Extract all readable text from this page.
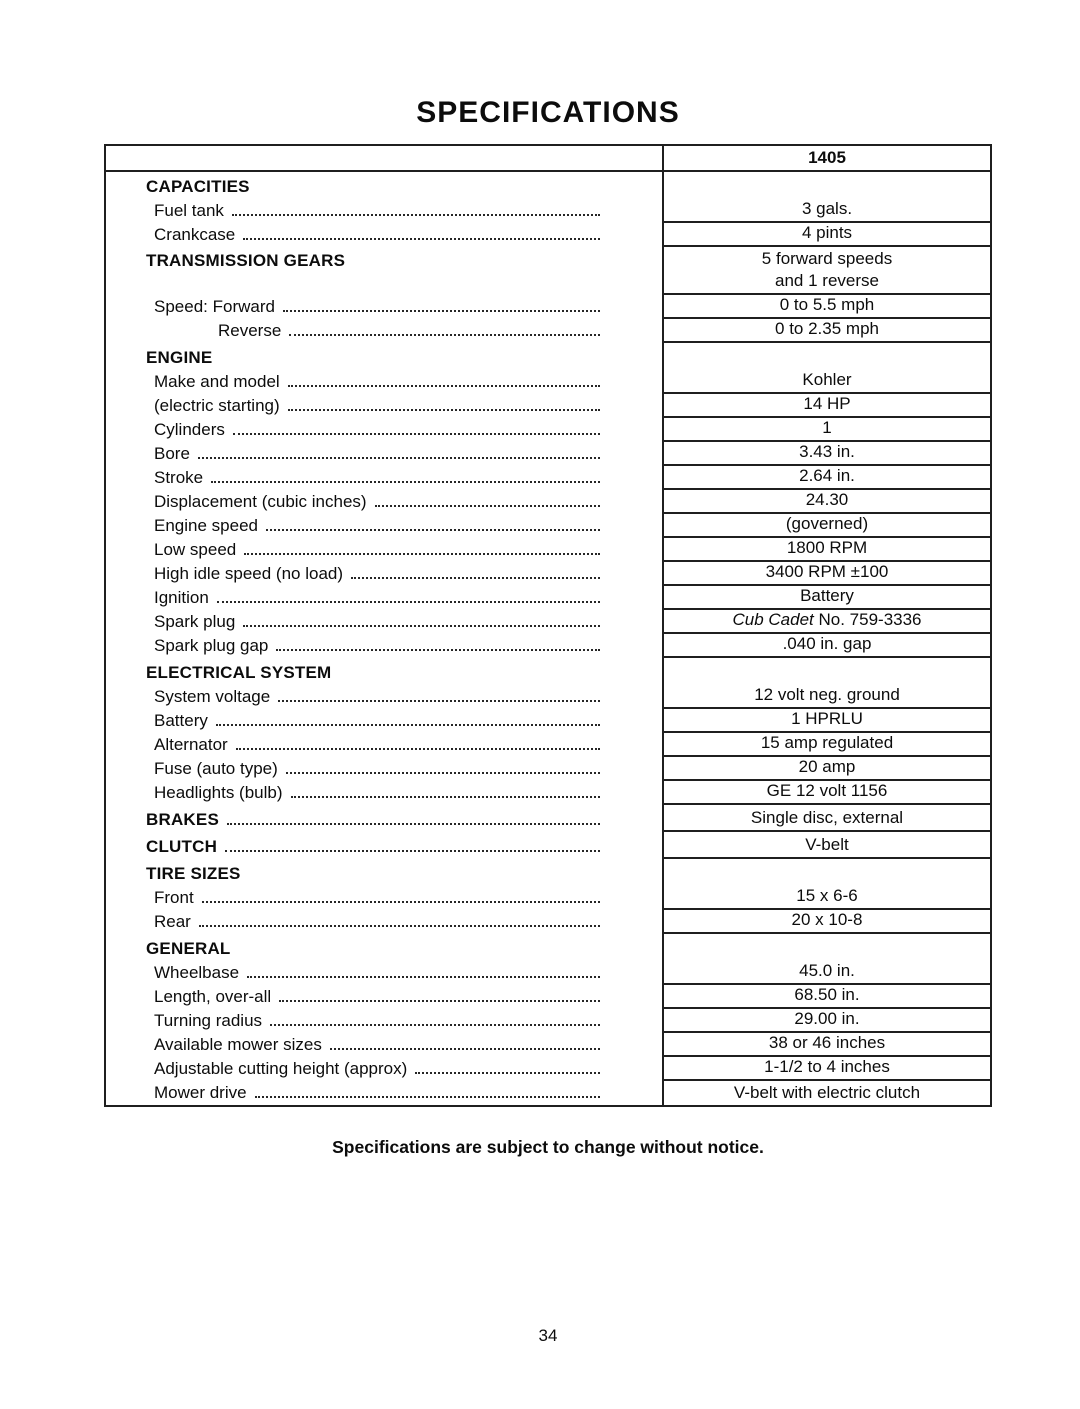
SPECIFICATIONS
1405
CAPACITIES
Fuel tank	3 gals.
Crankcase	4 pints
TRANSMISSION GEARS	5 forward speeds
and 1 reverse
Speed: Forward	0 to 5.5 mph
Reverse	0 to 2.35 mph
ENGINE
Make and model	Kohler
(electric starting)	14 HP
Cylinders	1
Bore	3.43 in.
Stroke	2.64 in.
Displacement (cubic inches)	24.30
Engine speed	(governed)
Low speed	1800 RPM
High idle speed (no load)	3400 RPM ±100
Ignition	Battery
Spark plug	Cub Cadet No. 759-3336
Spark plug gap	.040 in. gap
ELECTRICAL SYSTEM
System voltage	12 volt neg. ground
Battery	1 HPRLU
Alternator	15 amp regulated
Fuse (auto type)	20 amp
Headlights (bulb)	GE 12 volt 1156
BRAKES	Single disc, external
CLUTCH	V-belt
TIRE SIZES
Front	15 x 6-6
Rear	20 x 10-8
GENERAL
Wheelbase	45.0 in.
Length, over-all	68.50 in.
Turning radius	29.00 in.
Available mower sizes	38 or 46 inches
Adjustable cutting height (approx)	1-1/2 to 4 inches
Mower drive	V-belt with electric clutch

Specifications are subject to change without notice.

34
